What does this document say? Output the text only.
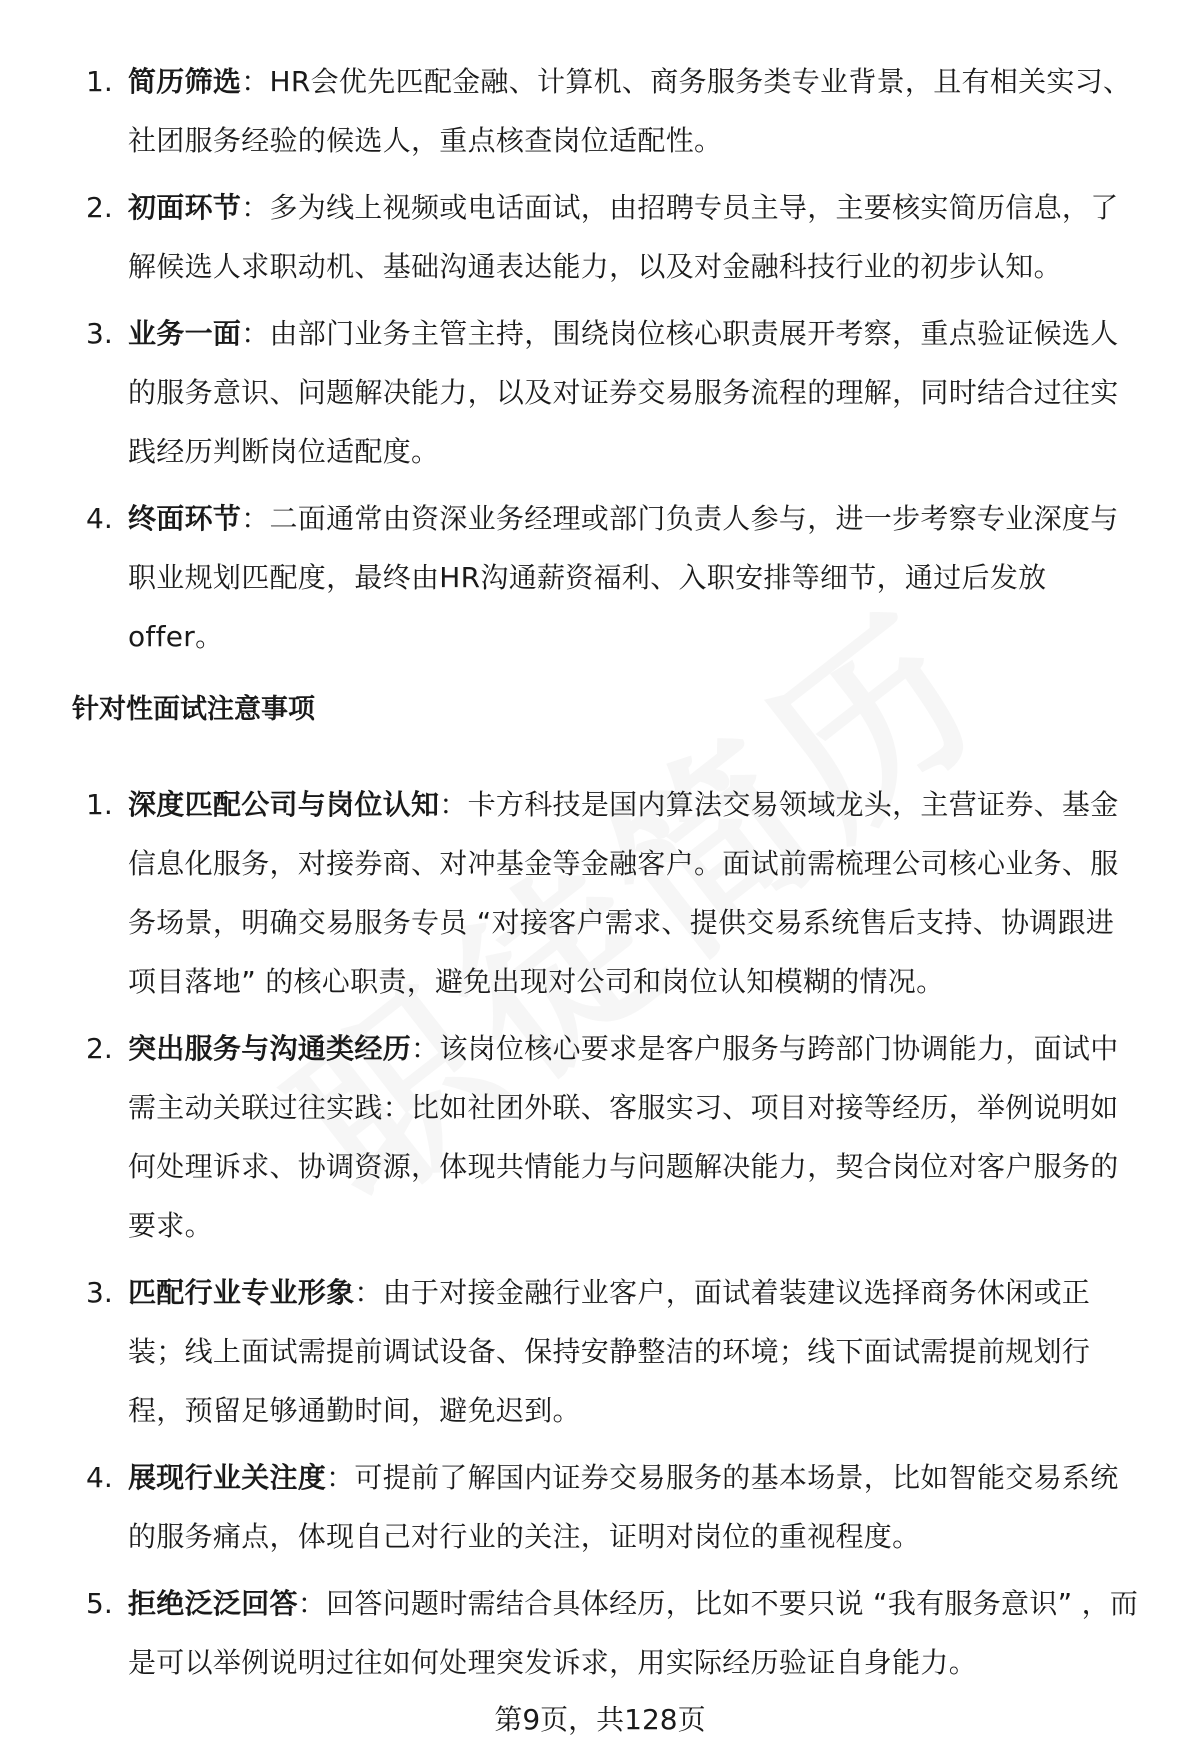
1. 简历筛选：HR会优先匹配金融、计算机、商务服务类专业背景，且有相关实习、社团服务经验的候选人，重点核查岗位适配性。
2. 初面环节：多为线上视频或电话面试，由招聘专员主导，主要核实简历信息，了解候选人求职动机、基础沟通表达能力，以及对金融科技行业的初步认知。
3. 业务一面：由部门业务主管主持，围绕岗位核心职责展开考察，重点验证候选人的服务意识、问题解决能力，以及对证券交易服务流程的理解，同时结合过往实践经历判断岗位适配度。
4. 终面环节：二面通常由资深业务经理或部门负责人参与，进一步考察专业深度与职业规划匹配度，最终由HR沟通薪资福利、入职安排等细节，通过后发放offer。
针对性面试注意事项
1. 深度匹配公司与岗位认知：卡方科技是国内算法交易领域龙头，主营证券、基金信息化服务，对接券商、对冲基金等金融客户。面试前需梳理公司核心业务、服务场景，明确交易服务专员 “对接客户需求、提供交易系统售后支持、协调跟进项目落地” 的核心职责，避免出现对公司和岗位认知模糊的情况。
2. 突出服务与沟通类经历：该岗位核心要求是客户服务与跨部门协调能力，面试中需主动关联过往实践：比如社团外联、客服实习、项目对接等经历，举例说明如何处理诉求、协调资源，体现共情能力与问题解决能力，契合岗位对客户服务的要求。
3. 匹配行业专业形象：由于对接金融行业客户，面试着装建议选择商务休闲或正装；线上面试需提前调试设备、保持安静整洁的环境；线下面试需提前规划行程，预留足够通勤时间，避免迟到。
4. 展现行业关注度：可提前了解国内证券交易服务的基本场景，比如智能交易系统的服务痛点，体现自己对行业的关注，证明对岗位的重视程度。
5. 拒绝泛泛回答：回答问题时需结合具体经历，比如不要只说 “我有服务意识” ，而是可以举例说明过往如何处理突发诉求，用实际经历验证自身能力。
第9页，共128页
